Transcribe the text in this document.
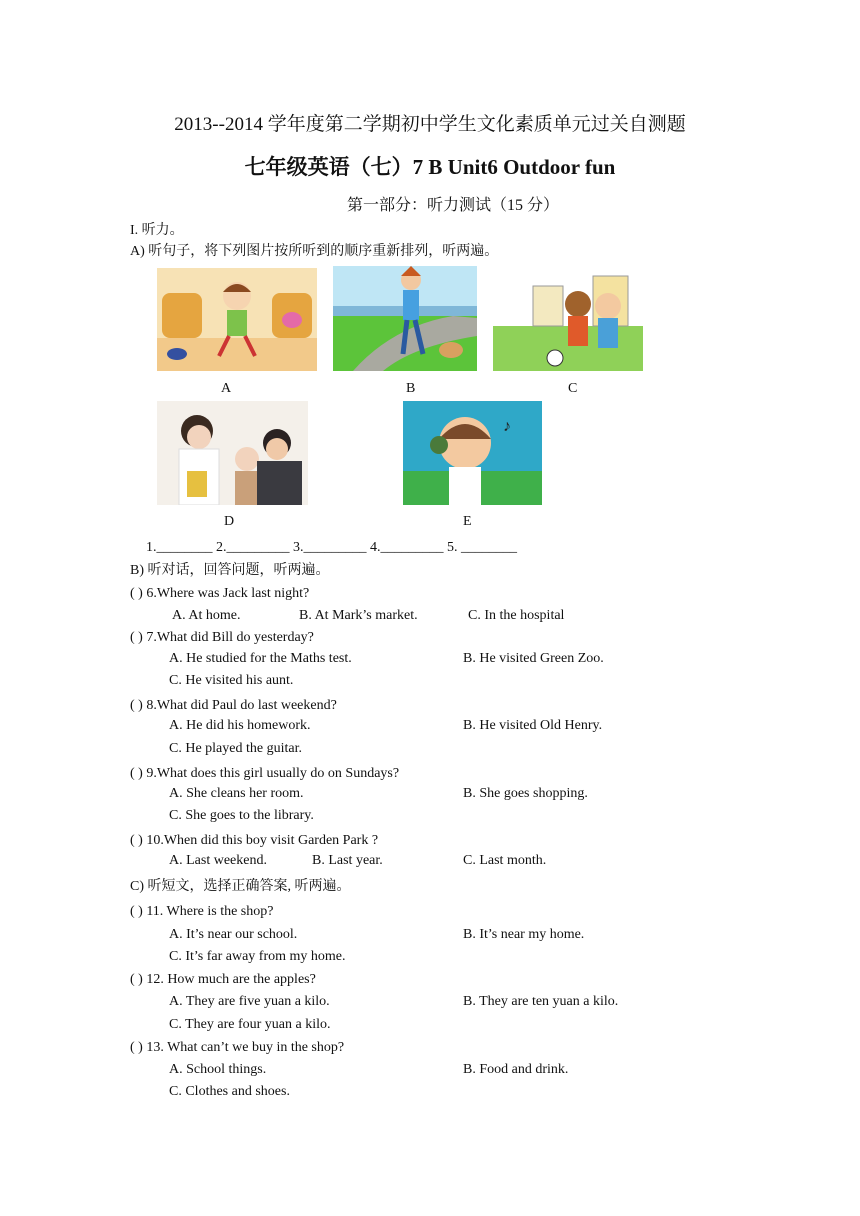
2013--2014 学年度第二学期初中学生文化素质单元过关自测题
七年级英语（七）7 B Unit6 Outdoor fun
第一部分：听力测试（15 分）
I. 听力。
A) 听句子，将下列图片按所听到的顺序重新排列，听两遍。
A	B	C
♪
D	E
1.________ 2._________ 3._________ 4._________ 5. ________
B) 听对话，回答问题，听两遍。
( ) 6.Where was Jack last night?
A. At home.	B. At Mark’s market.	C. In the hospital
( ) 7.What did Bill do yesterday?
A. He studied for the Maths test.	B. He visited Green Zoo.
C. He visited his aunt.
( ) 8.What did Paul do last weekend?
A. He did his homework.	B. He visited Old Henry.
C. He played the guitar.
( ) 9.What does this girl usually do on Sundays?
A. She cleans her room.	B. She goes shopping.
C. She goes to the library.
( ) 10.When did this boy visit Garden Park ?
A. Last weekend.	B. Last year.	C. Last month.
C) 听短文，选择正确答案, 听两遍。
( ) 11. Where is the shop?
A. It’s near our school.	B. It’s near my home.
C. It’s far away from my home.
( ) 12. How much are the apples?
A. They are five yuan a kilo.	B. They are ten yuan a kilo.
C. They are four yuan a kilo.
( ) 13. What can’t we buy in the shop?
A. School things.	B. Food and drink.
C. Clothes and shoes.
